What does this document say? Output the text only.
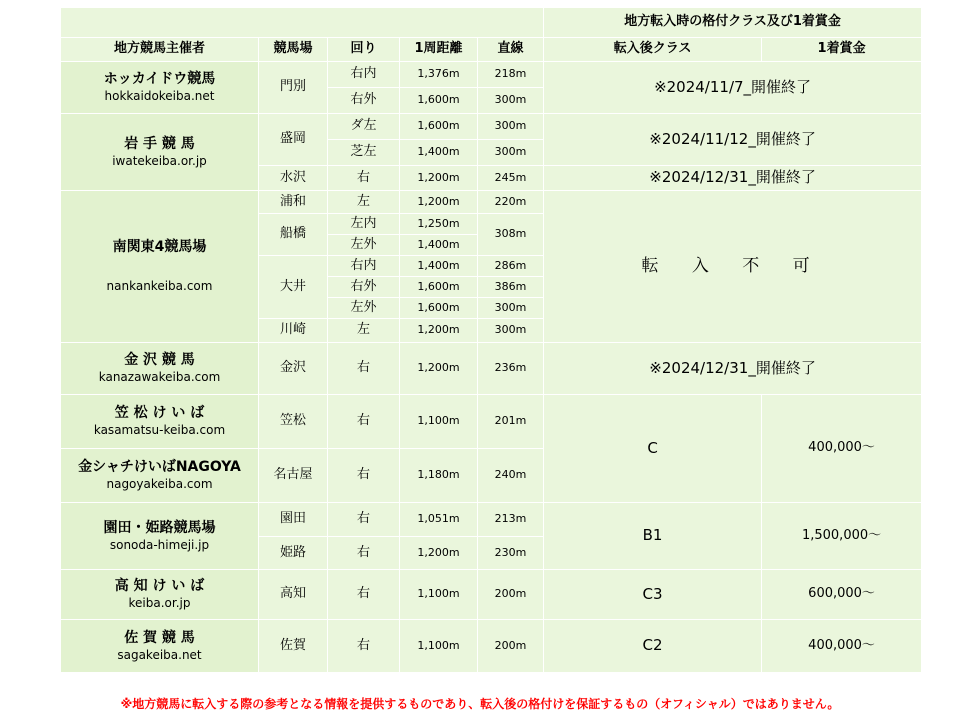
					地方転入時の格付クラス及び1着賞金	
地方競馬主催者	競馬場	回り	1周距離	直線	転入後クラス	1着賞金

ホッカイドウ競馬
hokkaidokeiba.net	門別	右内	1,376m	218m	※2024/11/7_開催終了	
		右外	1,600m	300m		

岩 手 競 馬
iwatekeiba.or.jp	盛岡	ダ左	1,600m	300m	※2024/11/12_開催終了	
		芝左	1,400m	300m		
	水沢	右	1,200m	245m	※2024/12/31_開催終了	

南関東4競馬場
nankankeiba.com	浦和	左	1,200m	220m	転 入 不 可	
	船橋	左内	1,250m	308m		
		左外	1,400m			
	大井	右内	1,400m	286m		
		右外	1,600m	386m		
		左外	1,600m	300m		
	川崎	左	1,200m	300m		

金 沢 競 馬
kanazawakeiba.com	金沢	右	1,200m	236m	※2024/12/31_開催終了	

笠 松 け い ば
kasamatsu-keiba.com	笠松	右	1,100m	201m	C	400,000～

金シャチけいばNAGOYA
nagoyakeiba.com	名古屋	右	1,180m	240m		

園田・姫路競馬場
sonoda-himeji.jp	園田	右	1,051m	213m	B1	1,500,000～
	姫路	右	1,200m	230m		

高 知 け い ば
keiba.or.jp	高知	右	1,100m	200m	C3	600,000～

佐 賀 競 馬
sagakeiba.net	佐賀	右	1,100m	200m	C2	400,000～
※地方競馬に転入する際の参考となる情報を提供するものであり、転入後の格付けを保証するもの（オフィシャル）ではありません。
